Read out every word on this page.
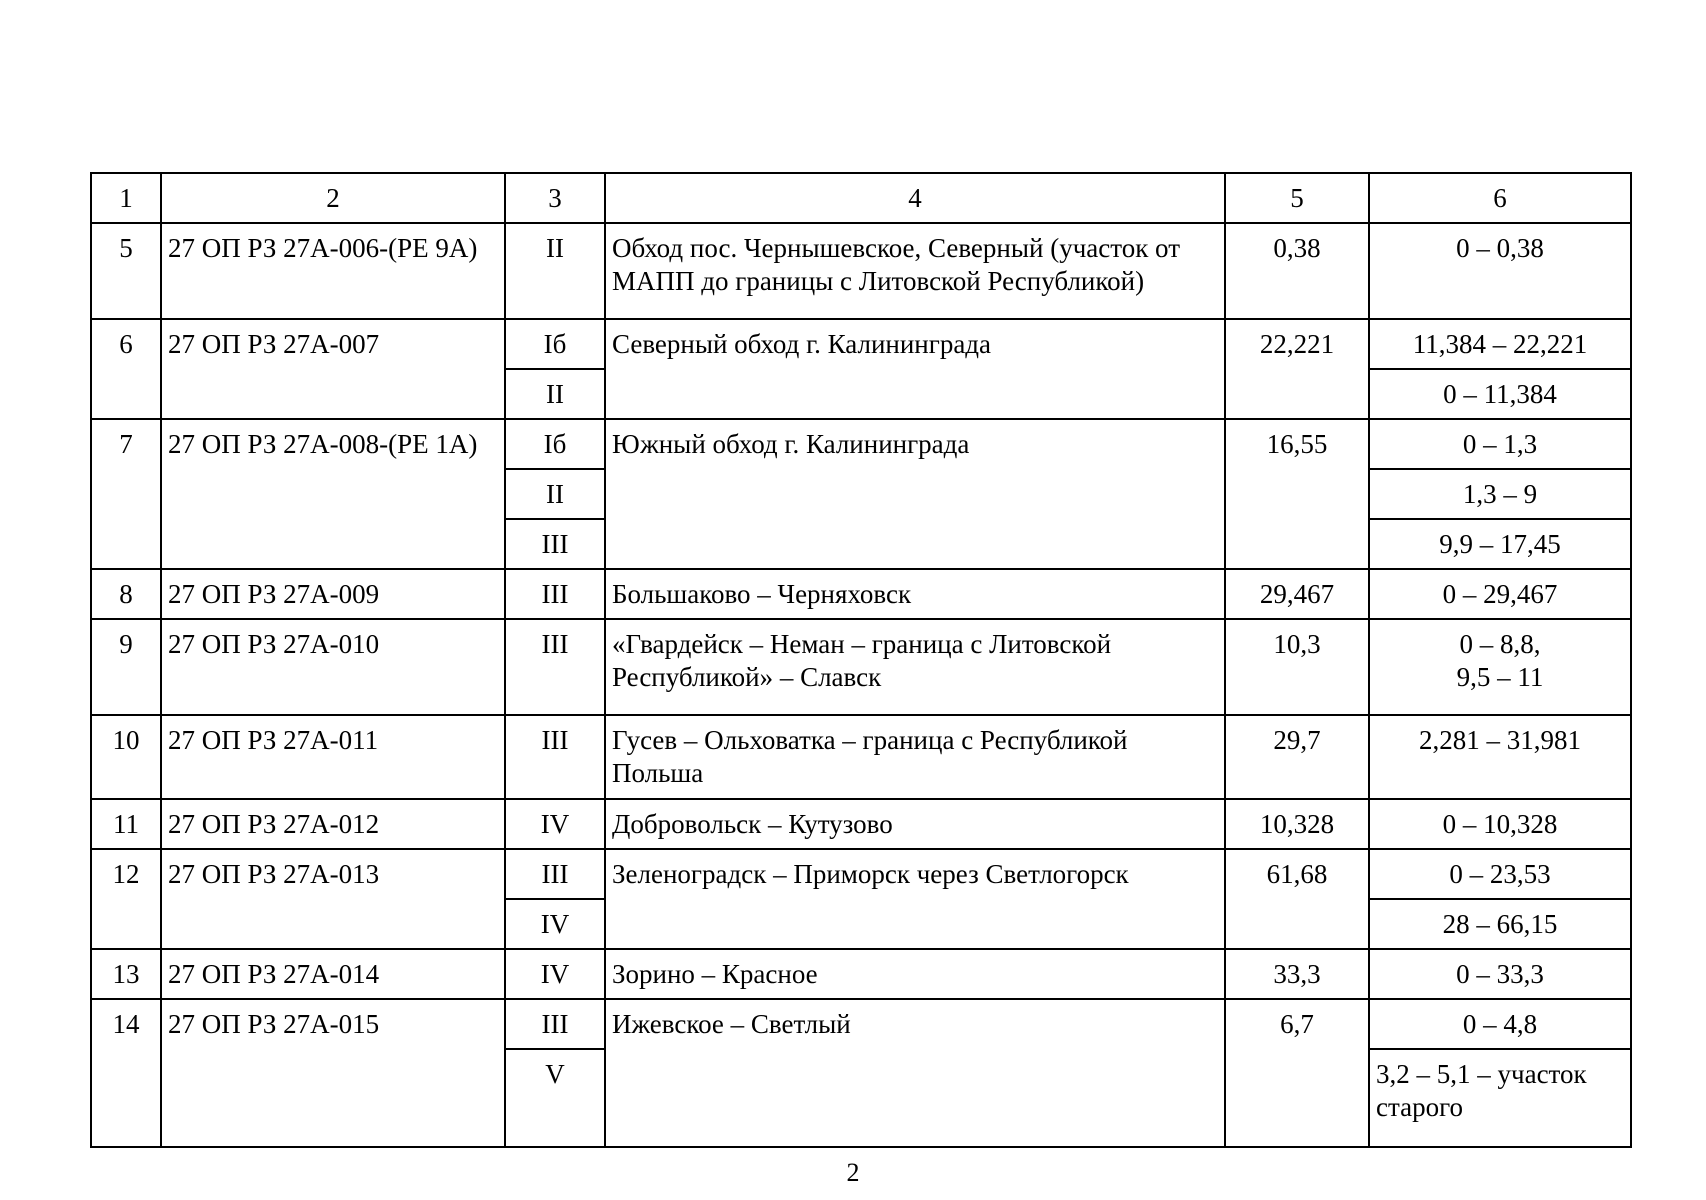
1	2	3	4	5	6

5	27 ОП РЗ 27А-006-(РЕ 9А)	II	Обход пос. Чернышевское, Северный (участок от МАПП до границы с Литовской Республикой)	0,38	0 – 0,38

6	27 ОП РЗ 27А-007	Iб	Северный обход г. Калининграда	22,221	11,384 – 22,221

		II			0 – 11,384

7	27 ОП РЗ 27А-008-(РЕ 1А)	Iб	Южный обход г. Калининграда	16,55	0 – 1,3

		II			1,3 – 9

		III			9,9 – 17,45

8	27 ОП РЗ 27А-009	III	Большаково – Черняховск	29,467	0 – 29,467

9	27 ОП РЗ 27А-010	III	«Гвардейск – Неман – граница с Литовской Республикой» – Славск	10,3	0 – 8,8,
9,5 – 11

10	27 ОП РЗ 27А-011	III	Гусев – Ольховатка – граница с Республикой Польша	29,7	2,281 – 31,981

11	27 ОП РЗ 27А-012	IV	Добровольск – Кутузово	10,328	0 – 10,328

12	27 ОП РЗ 27А-013	III	Зеленоградск – Приморск через Светлогорск	61,68	0 – 23,53

		IV			28 – 66,15

13	27 ОП РЗ 27А-014	IV	Зорино – Красное	33,3	0 – 33,3

14	27 ОП РЗ 27А-015	III	Ижевское – Светлый	6,7	0 – 4,8

		V			3,2 – 5,1 – участок старого
2
